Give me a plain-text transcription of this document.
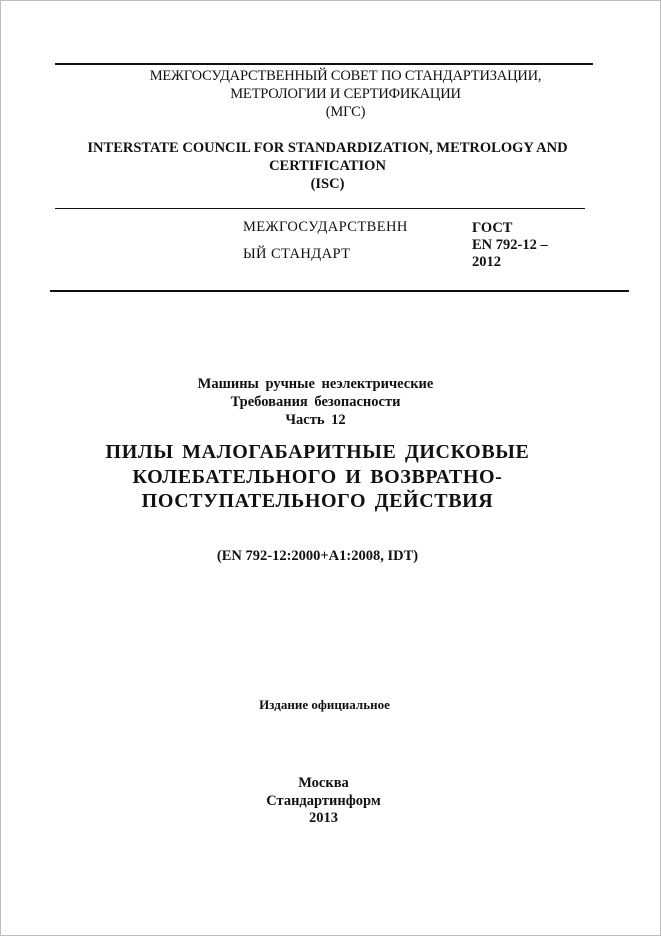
МЕЖГОСУДАРСТВЕННЫЙ СОВЕТ ПО СТАНДАРТИЗАЦИИ,
МЕТРОЛОГИИ И СЕРТИФИКАЦИИ
(МГС)
INTERSTATE COUNCIL FOR STANDARDIZATION, METROLOGY AND
CERTIFICATION
(ISC)
МЕЖГОСУДАРСТВЕНН
ЫЙ СТАНДАРТ
ГОСТ
EN 792-12 –
2012
Машины ручные неэлектрические
Требования безопасности
Часть 12
ПИЛЫ МАЛОГАБАРИТНЫЕ ДИСКОВЫЕ
КОЛЕБАТЕЛЬНОГО И ВОЗВРАТНО-
ПОСТУПАТЕЛЬНОГО ДЕЙСТВИЯ
(EN 792-12:2000+A1:2008, IDT)
Издание официальное
Москва
Стандартинформ
2013
